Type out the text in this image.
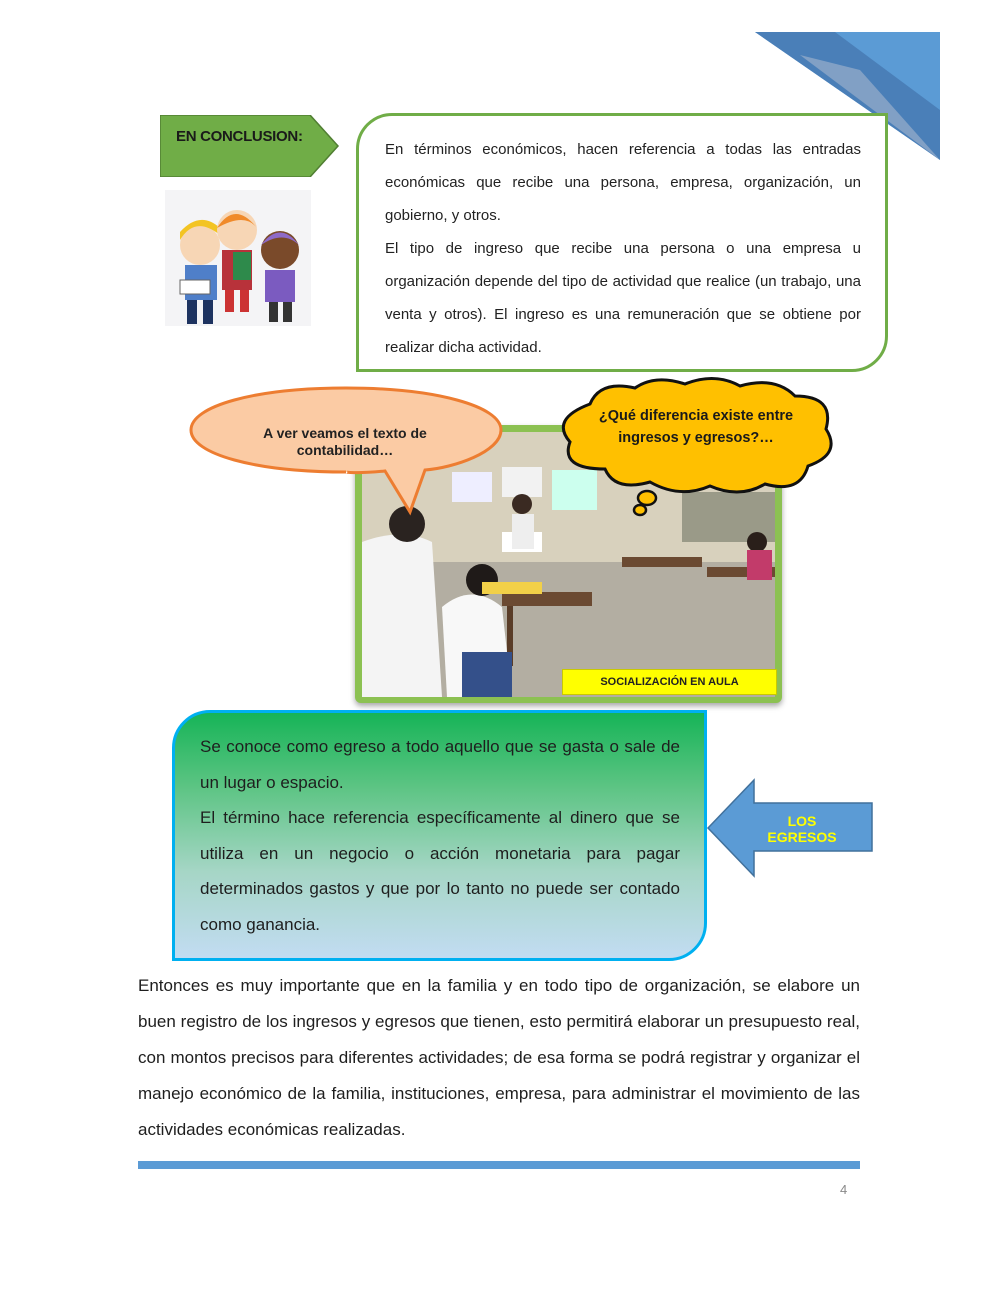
EN CONCLUSION:

En términos económicos, hacen referencia a todas las entradas económicas que recibe una persona, empresa, organización, un gobierno, y otros.
El tipo de ingreso que recibe una persona o una empresa u organización depende del tipo de actividad que realice (un trabajo, una venta y otros). El ingreso es una remuneración que se obtiene por realizar dicha actividad.

A ver veamos el texto de contabilidad…
¿Qué diferencia existe entre ingresos y egresos?…
SOCIALIZACIÓN EN AULA

Se conoce como egreso a todo aquello que se gasta o sale de un lugar o espacio.
El término hace referencia específicamente al dinero que se utiliza en un negocio o acción monetaria para pagar determinados gastos y que por lo tanto no puede ser contado como ganancia.

LOS EGRESOS

Entonces es muy importante que en la familia y en todo tipo de organización, se elabore un buen registro de los ingresos y egresos que tienen, esto permitirá elaborar un presupuesto real, con montos precisos para diferentes actividades; de esa forma se podrá registrar y organizar el manejo económico de la familia, instituciones, empresa, para administrar el movimiento de las actividades económicas realizadas.

4
